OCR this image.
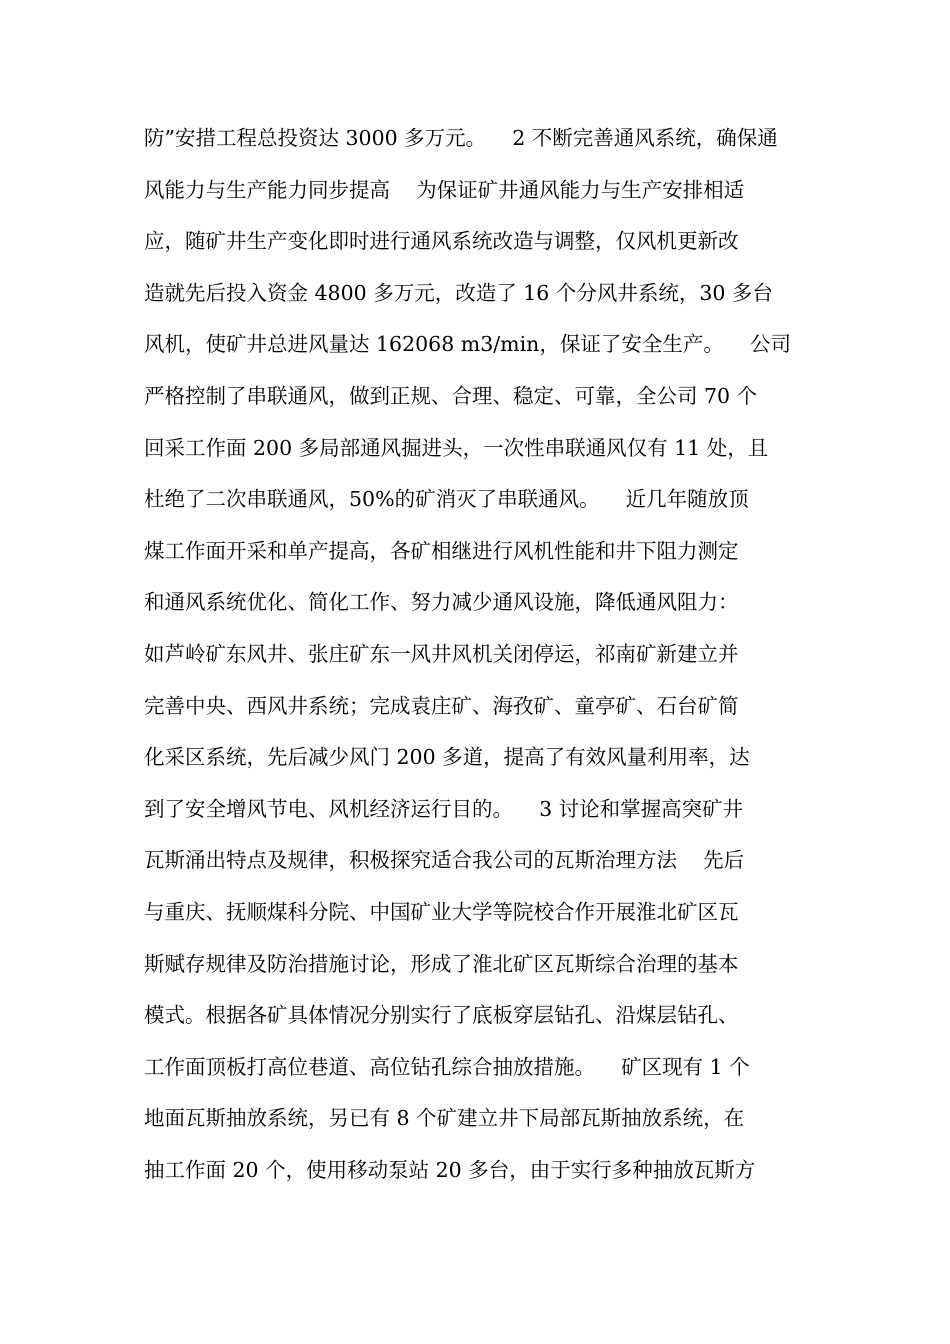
防”安措工程总投资达 3000 多万元。    2 不断完善通风系统，确保通
风能力与生产能力同步提高    为保证矿井通风能力与生产安排相适
应，随矿井生产变化即时进行通风系统改造与调整，仅风机更新改
造就先后投入资金 4800 多万元，改造了 16 个分风井系统，30 多台
风机，使矿井总进风量达 162068 m3/min，保证了安全生产。    公司
严格控制了串联通风，做到正规、合理、稳定、可靠，全公司 70 个
回采工作面 200 多局部通风掘进头，一次性串联通风仅有 11 处，且
杜绝了二次串联通风，50%的矿消灭了串联通风。    近几年随放顶
煤工作面开采和单产提高，各矿相继进行风机性能和井下阻力测定
和通风系统优化、简化工作、努力减少通风设施，降低通风阻力：
如芦岭矿东风井、张庄矿东一风井风机关闭停运，祁南矿新建立并
完善中央、西风井系统；完成袁庄矿、海孜矿、童亭矿、石台矿简
化采区系统，先后减少风门 200 多道，提高了有效风量利用率，达
到了安全增风节电、风机经济运行目的。    3 讨论和掌握高突矿井
瓦斯涌出特点及规律，积极探究适合我公司的瓦斯治理方法    先后
与重庆、抚顺煤科分院、中国矿业大学等院校合作开展淮北矿区瓦
斯赋存规律及防治措施讨论，形成了淮北矿区瓦斯综合治理的基本
模式。根据各矿具体情况分别实行了底板穿层钻孔、沿煤层钻孔、
工作面顶板打高位巷道、高位钻孔综合抽放措施。    矿区现有 1 个
地面瓦斯抽放系统，另已有 8 个矿建立井下局部瓦斯抽放系统，在
抽工作面 20 个，使用移动泵站 20 多台，由于实行多种抽放瓦斯方
